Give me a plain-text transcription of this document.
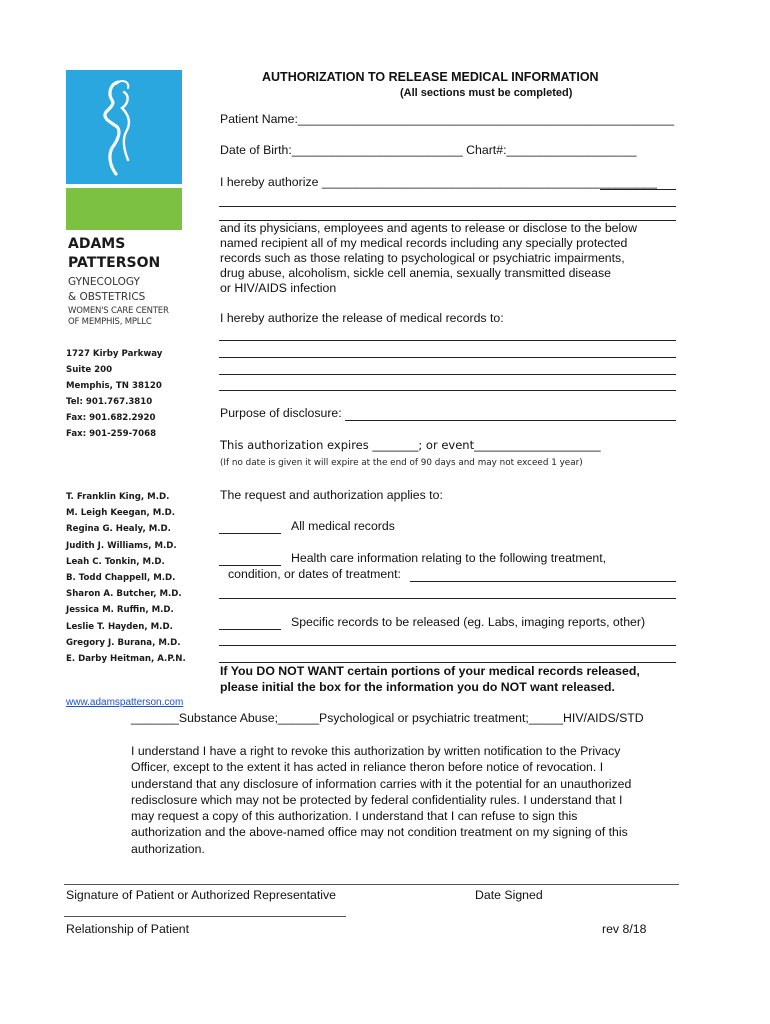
ADAMS
PATTERSON
GYNECOLOGY
& OBSTETRICS
WOMEN'S CARE CENTER
OF MEMPHIS, MPLLC
1727 Kirby Parkway
Suite 200
Memphis, TN 38120
Tel: 901.767.3810
Fax: 901.682.2920
Fax: 901-259-7068
T. Franklin King, M.D.
M. Leigh Keegan, M.D.
Regina G. Healy, M.D.
Judith J. Williams, M.D.
Leah C. Tonkin, M.D.
B. Todd Chappell, M.D.
Sharon A. Butcher, M.D.
Jessica M. Ruffin, M.D.
Leslie T. Hayden, M.D.
Gregory J. Burana, M.D.
E. Darby Heitman, A.P.N.
www.adamspatterson.com
AUTHORIZATION TO RELEASE MEDICAL INFORMATION
(All sections must be completed)
Patient Name:_______________________________________________________
Date of Birth:_________________________ Chart#:___________________
I hereby authorize _________________________________________________
and its physicians, employees and agents to release or disclose to the below
named recipient all of my medical records including any specially protected
records such as those relating to psychological or psychiatric impairments,
drug abuse, alcoholism, sickle cell anemia, sexually transmitted disease
or HIV/AIDS infection
I hereby authorize the release of medical records to:
Purpose of disclosure:
This authorization expires ________; or event______________________
(If no date is given it will expire at the end of 90 days and may not exceed 1 year)
The request and authorization applies to:
All medical records
Health care information relating to the following treatment,
condition, or dates of treatment:
Specific records to be released (eg. Labs, imaging reports, other)
If You DO NOT WANT certain portions of your medical records released,
please initial the box for the information you do NOT want released.
_______Substance Abuse;______Psychological or psychiatric treatment;_____HIV/AIDS/STD
I understand I have a right to revoke this authorization by written notification to the Privacy
Officer, except to the extent it has acted in reliance theron before notice of revocation. I
understand that any disclosure of information carries with it the potential for an unauthorized
redisclosure which may not be protected by federal confidentiality rules. I understand that I
may request a copy of this authorization. I understand that I can refuse to sign this
authorization and the above-named office may not condition treatment on my signing of this
authorization.
Signature of Patient or Authorized Representative	Date Signed
Relationship of Patient	rev 8/18
